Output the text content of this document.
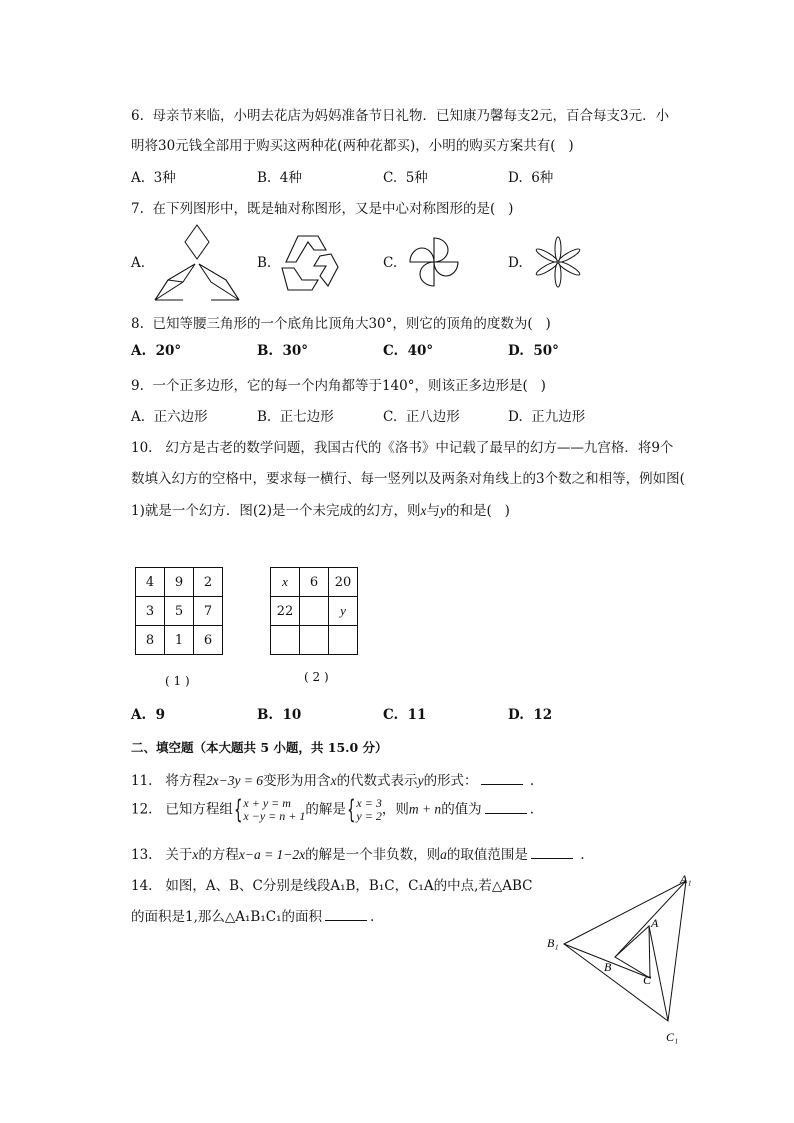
6.  母亲节来临，小明去花店为妈妈准备节日礼物．已知康乃馨每支2元，百合每支3元．小
明将30元钱全部用于购买这两种花(两种花都买)，小明的购买方案共有(   )
A.  3种	B.  4种	C.  5种	D.  6种
7.  在下列图形中，既是轴对称图形，又是中心对称图形的是(   )
A.	B.	C.	D.
8.  已知等腰三角形的一个底角比顶角大30°，则它的顶角的度数为(   )
A.  20°	B.  30°	C.  40°	D.  50°
9.  一个正多边形，它的每一个内角都等于140°，则该正多边形是(   )
A.  正六边形	B.  正七边形	C.  正八边形	D.  正九边形
10.   幻方是古老的数学问题，我国古代的《洛书》中记载了最早的幻方——九宫格．将9个
数填入幻方的空格中，要求每一横行、每一竖列以及两条对角线上的3个数之和相等，例如图(
1)就是一个幻方．图(2)是一个未完成的幻方，则x与y的和是(   )
4	9	2
3	5	7
8	1	6
( 1 )
x	6	20
22		y

( 2 )
A.  9	B.  10	C.  11	D.  12
二、填空题（本大题共 5 小题，共 15.0 分）
11.   将方程2x−3y = 6变形为用含x的代数式表示y的形式：	.
12.   已知方程组{x + y = m
x −y = n + 1的解是{x = 3
y = 2，则m + n的值为	.
13.   关于x的方程x−a = 1−2x的解是一个非负数，则a的取值范围是	.
14.   如图，A、B、C分别是线段A₁B，B₁C，C₁A的中点,若△ABC
的面积是1,那么△A₁B₁C₁的面积	.
A₁
A
B₁
B
C
C₁
